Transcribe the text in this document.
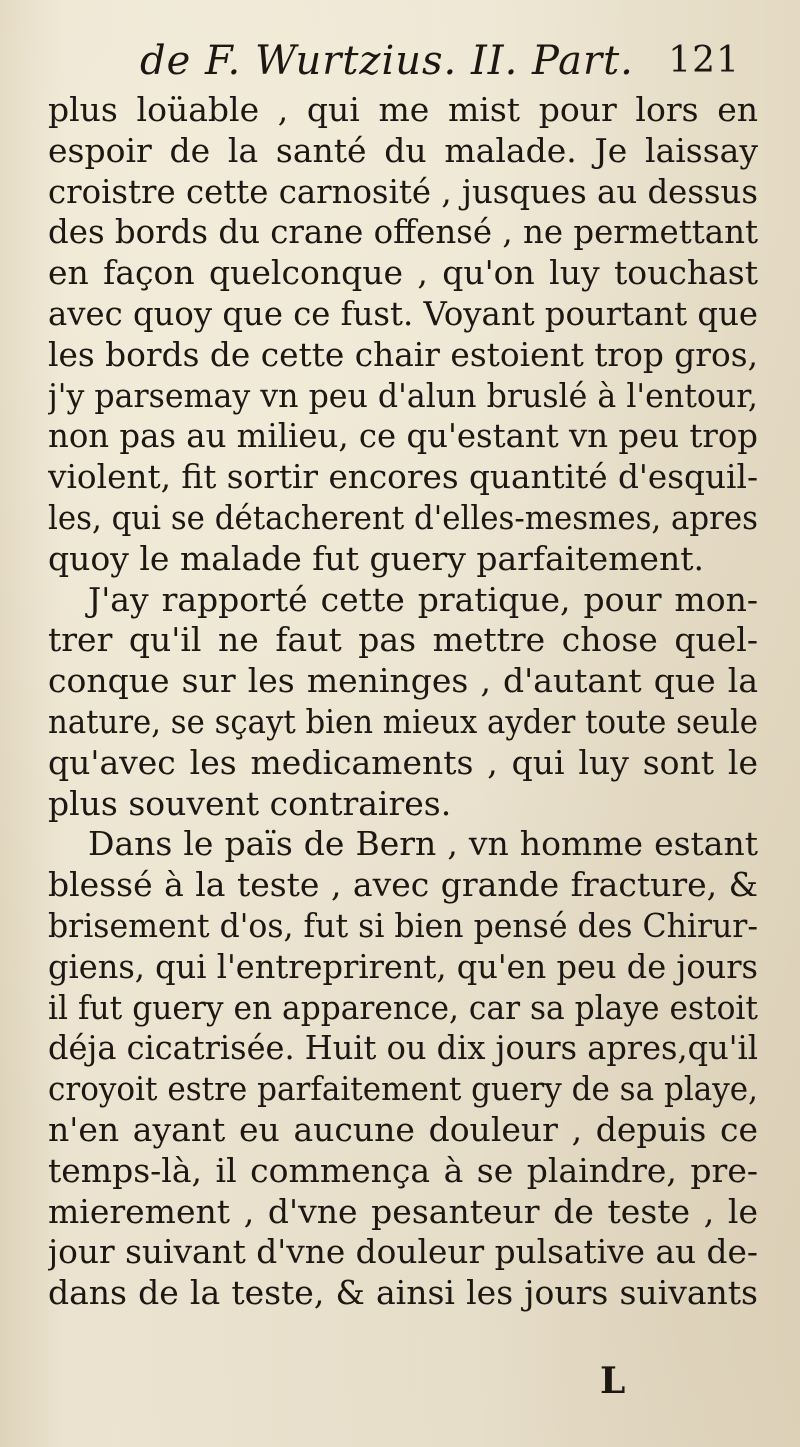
de F. Wurtzius. II. Part. 121
plus loüable , qui me mist pour lors en
espoir de la santé du malade. Je laissay
croistre cette carnosité , jusques au dessus
des bords du crane offensé , ne permettant
en façon quelconque , qu'on luy touchast
avec quoy que ce fust. Voyant pourtant que
les bords de cette chair estoient trop gros,
j'y parsemay vn peu d'alun bruslé à l'entour,
non pas au milieu, ce qu'estant vn peu trop
violent, fit sortir encores quantité d'esquil-
les, qui se détacherent d'elles-mesmes, apres
quoy le malade fut guery parfaitement.
J'ay rapporté cette pratique, pour mon-
trer qu'il ne faut pas mettre chose quel-
conque sur les meninges , d'autant que la
nature, se sçayt bien mieux ayder toute seule
qu'avec les medicaments , qui luy sont le
plus souvent contraires.
Dans le païs de Bern , vn homme estant
blessé à la teste , avec grande fracture, &
brisement d'os, fut si bien pensé des Chirur-
giens, qui l'entreprirent, qu'en peu de jours
il fut guery en apparence, car sa playe estoit
déja cicatrisée. Huit ou dix jours apres,qu'il
croyoit estre parfaitement guery de sa playe,
n'en ayant eu aucune douleur , depuis ce
temps-là, il commença à se plaindre, pre-
mierement , d'vne pesanteur de teste , le
jour suivant d'vne douleur pulsative au de-
dans de la teste, & ainsi les jours suivants
L
